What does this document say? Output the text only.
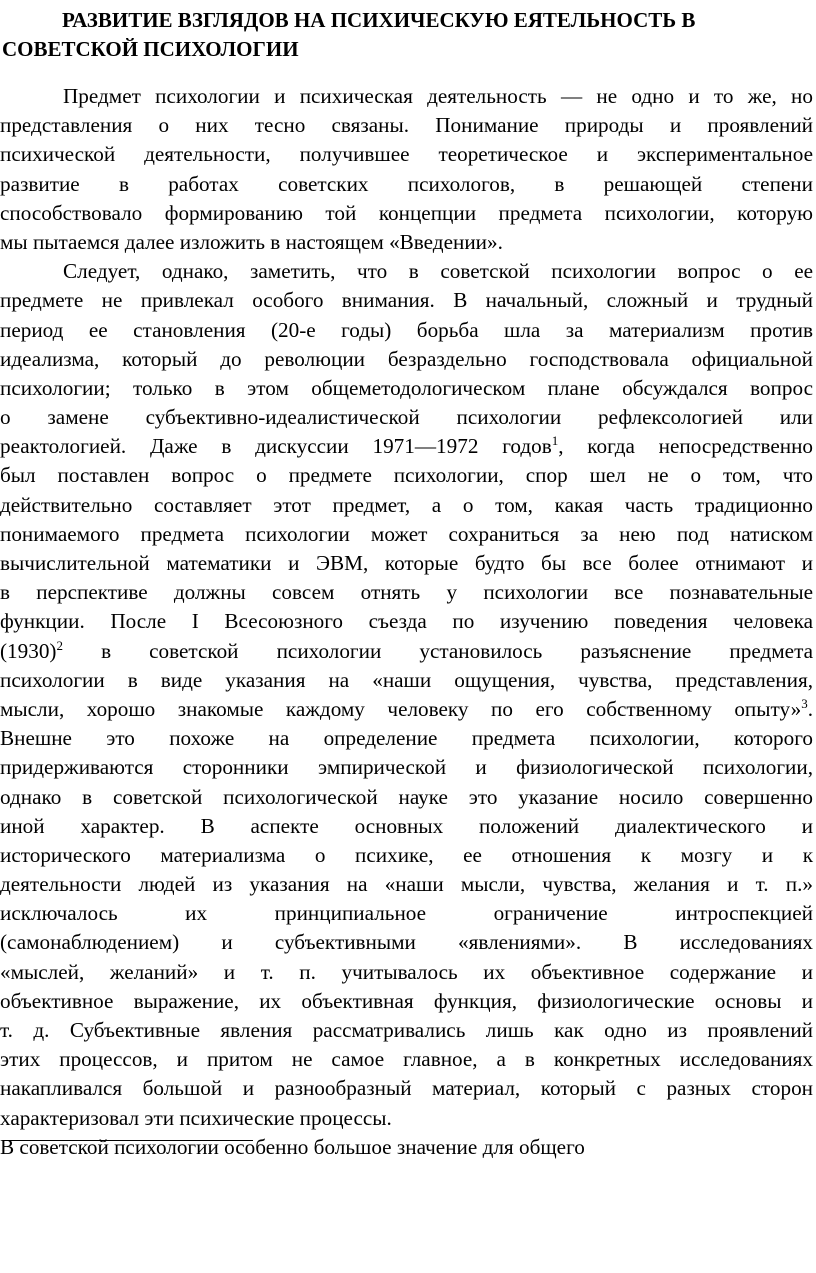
РАЗВИТИЕ ВЗГЛЯДОВ НА ПСИХИЧЕСКУЮ ЕЯТЕЛЬНОСТЬ В
СОВЕТСКОЙ ПСИХОЛОГИИ
Предмет психологии и психическая деятельность — не одно и то же, но
представления о них тесно связаны. Понимание природы и проявлений
психической деятельности, получившее теоретическое и экспериментальное
развитие в работах советских психологов, в решающей степени
способствовало формированию той концепции предмета психологии, которую
мы пытаемся далее изложить в настоящем «Введении».
Следует, однако, заметить, что в советской психологии вопрос о ее
предмете не привлекал особого внимания. В начальный, сложный и трудный
период ее становления (20-е годы) борьба шла за материализм против
идеализма, который до революции безраздельно господствовала официальной
психологии; только в этом общеметодологическом плане обсуждался вопрос
о замене субъективно-идеалистической психологии рефлексологией или
реактологией. Даже в дискуссии 1971—1972 годов$^1$, когда непосредственно
был поставлен вопрос о предмете психологии, спор шел не о том, что
действительно составляет этот предмет, а о том, какая часть традиционно
понимаемого предмета психологии может сохраниться за нею под натиском
вычислительной математики и ЭВМ, которые будто бы все более отнимают и
в перспективе должны совсем отнять у психологии все познавательные
функции. После I Всесоюзного съезда по изучению поведения человека
$(1930)^2$ в советской психологии установилось разъяснение предмета
психологии в виде указания на «наши ощущения, чувства, представления,
мысли, хорошо знакомые каждому человеку по его собственному опыту»$^3$.
Внешне это похоже на определение предмета психологии, которого
придерживаются сторонники эмпирической и физиологической психологии,
однако в советской психологической науке это указание носило совершенно
иной характер. В аспекте основных положений диалектического и
исторического материализма о психике, ее отношения к мозгу и к
деятельности людей из указания на «наши мысли, чувства, желания и т. п.»
исключалось их принципиальное ограничение интроспекцией
(самонаблюдением) и субъективными «явлениями». В исследованиях
«мыслей, желаний» и т. п. учитывалось их объективное содержание и
объективное выражение, их объективная функция, физиологические основы и
т. д. Субъективные явления рассматривались лишь как одно из проявлений
этих процессов, и притом не самое главное, а в конкретных исследованиях
накапливался большой и разнообразный материал, который с разных сторон
характеризовал эти психические процессы.
В советской психологии особенно большое значение для общего
